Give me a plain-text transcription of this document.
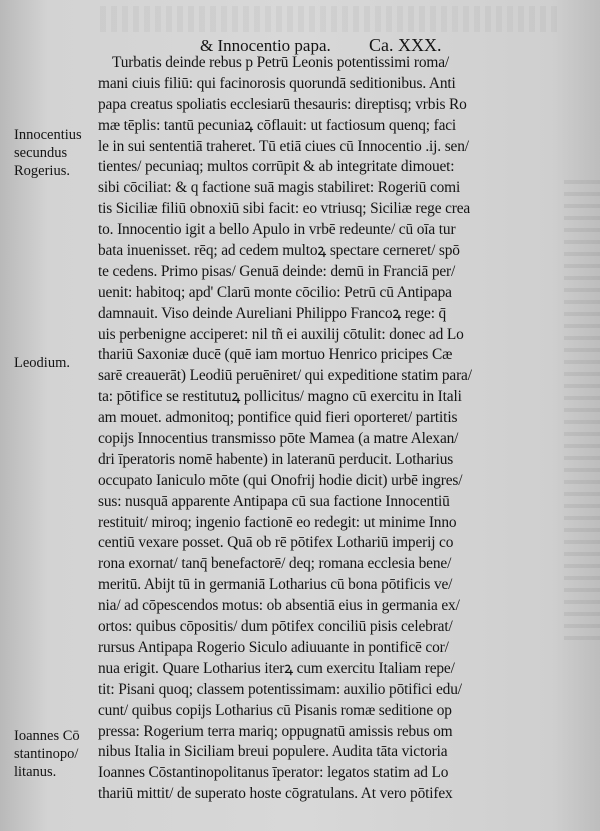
& Innocentio papa. Ca. XXX.
Turbatis deinde rebus p Petrū Leonis potentissimi roma/
mani ciuis filiū: qui facinorosis quorundā seditionibus. Anti
papa creatus spoliatis ecclesiarū thesauris: direptisq; vrbis Ro
mæ tēplis: tantū pecuniaꝝ cōflauit: ut factiosum quenq; faci
le in sui sententiā traheret. Tū etiā ciues cū Innocentio .ij. sen/
tientes/ pecuniaq; multos corrūpit & ab integritate dimouet:
sibi cōciliat: & q factione suā magis stabiliret: Rogeriū comi
tis Siciliæ filiū obnoxiū sibi facit: eo vtriusq; Siciliæ rege crea
to. Innocentio igit a bello Apulo in vrbē redeunte/ cū oīa tur
bata inuenisset. rēq; ad cedem multoꝝ spectare cerneret/ spō
te cedens. Primo pisas/ Genuā deinde: demū in Franciā per/
uenit: habitoq; apd' Clarū monte cōcilio: Petrū cū Antipapa
damnauit. Viso deinde Aureliani Philippo Francoꝝ rege: q̄
uis perbenigne acciperet: nil tñ ei auxilij cōtulit: donec ad Lo
thariū Saxoniæ ducē (quē iam mortuo Henrico pricipes Cæ
sarē creauerāt) Leodiū peruēniret/ qui expeditione statim para/
ta: pōtifice se restitutuꝝ pollicitus/ magno cū exercitu in Itali
am mouet. admonitoq; pontifice quid fieri oporteret/ partitis
copijs Innocentius transmisso pōte Mamea (a matre Alexan/
dri īperatoris nomē habente) in lateranū perducit. Lotharius
occupato Ianiculo mōte (qui Onofrij hodie dicit) urbē ingres/
sus: nusquā apparente Antipapa cū sua factione Innocentiū
restituit/ miroq; ingenio factionē eo redegit: ut minime Inno
centiū vexare posset. Quā ob rē pōtifex Lothariū imperij co
rona exornat/ tanq̄ benefactorē/ deq; romana ecclesia bene/
meritū. Abijt tū in germaniā Lotharius cū bona pōtificis ve/
nia/ ad cōpescendos motus: ob absentiā eius in germania ex/
ortos: quibus cōpositis/ dum pōtifex conciliū pisis celebrat/
rursus Antipapa Rogerio Siculo adiuuante in pontificē cor/
nua erigit. Quare Lotharius iterꝝ cum exercitu Italiam repe/
tit: Pisani quoq; classem potentissimam: auxilio pōtifici edu/
cunt/ quibus copijs Lotharius cū Pisanis romæ seditione op
pressa: Rogerium terra mariq; oppugnatū amissis rebus om
nibus Italia in Siciliam breui populere. Audita tāta victoria
Ioannes Cōstantinopolitanus īperator: legatos statim ad Lo
thariū mittit/ de superato hoste cōgratulans. At vero pōtifex
Innocentius
secundus
Rogerius.
Leodium.
Ioannes Cō
stantinopo/
litanus.
